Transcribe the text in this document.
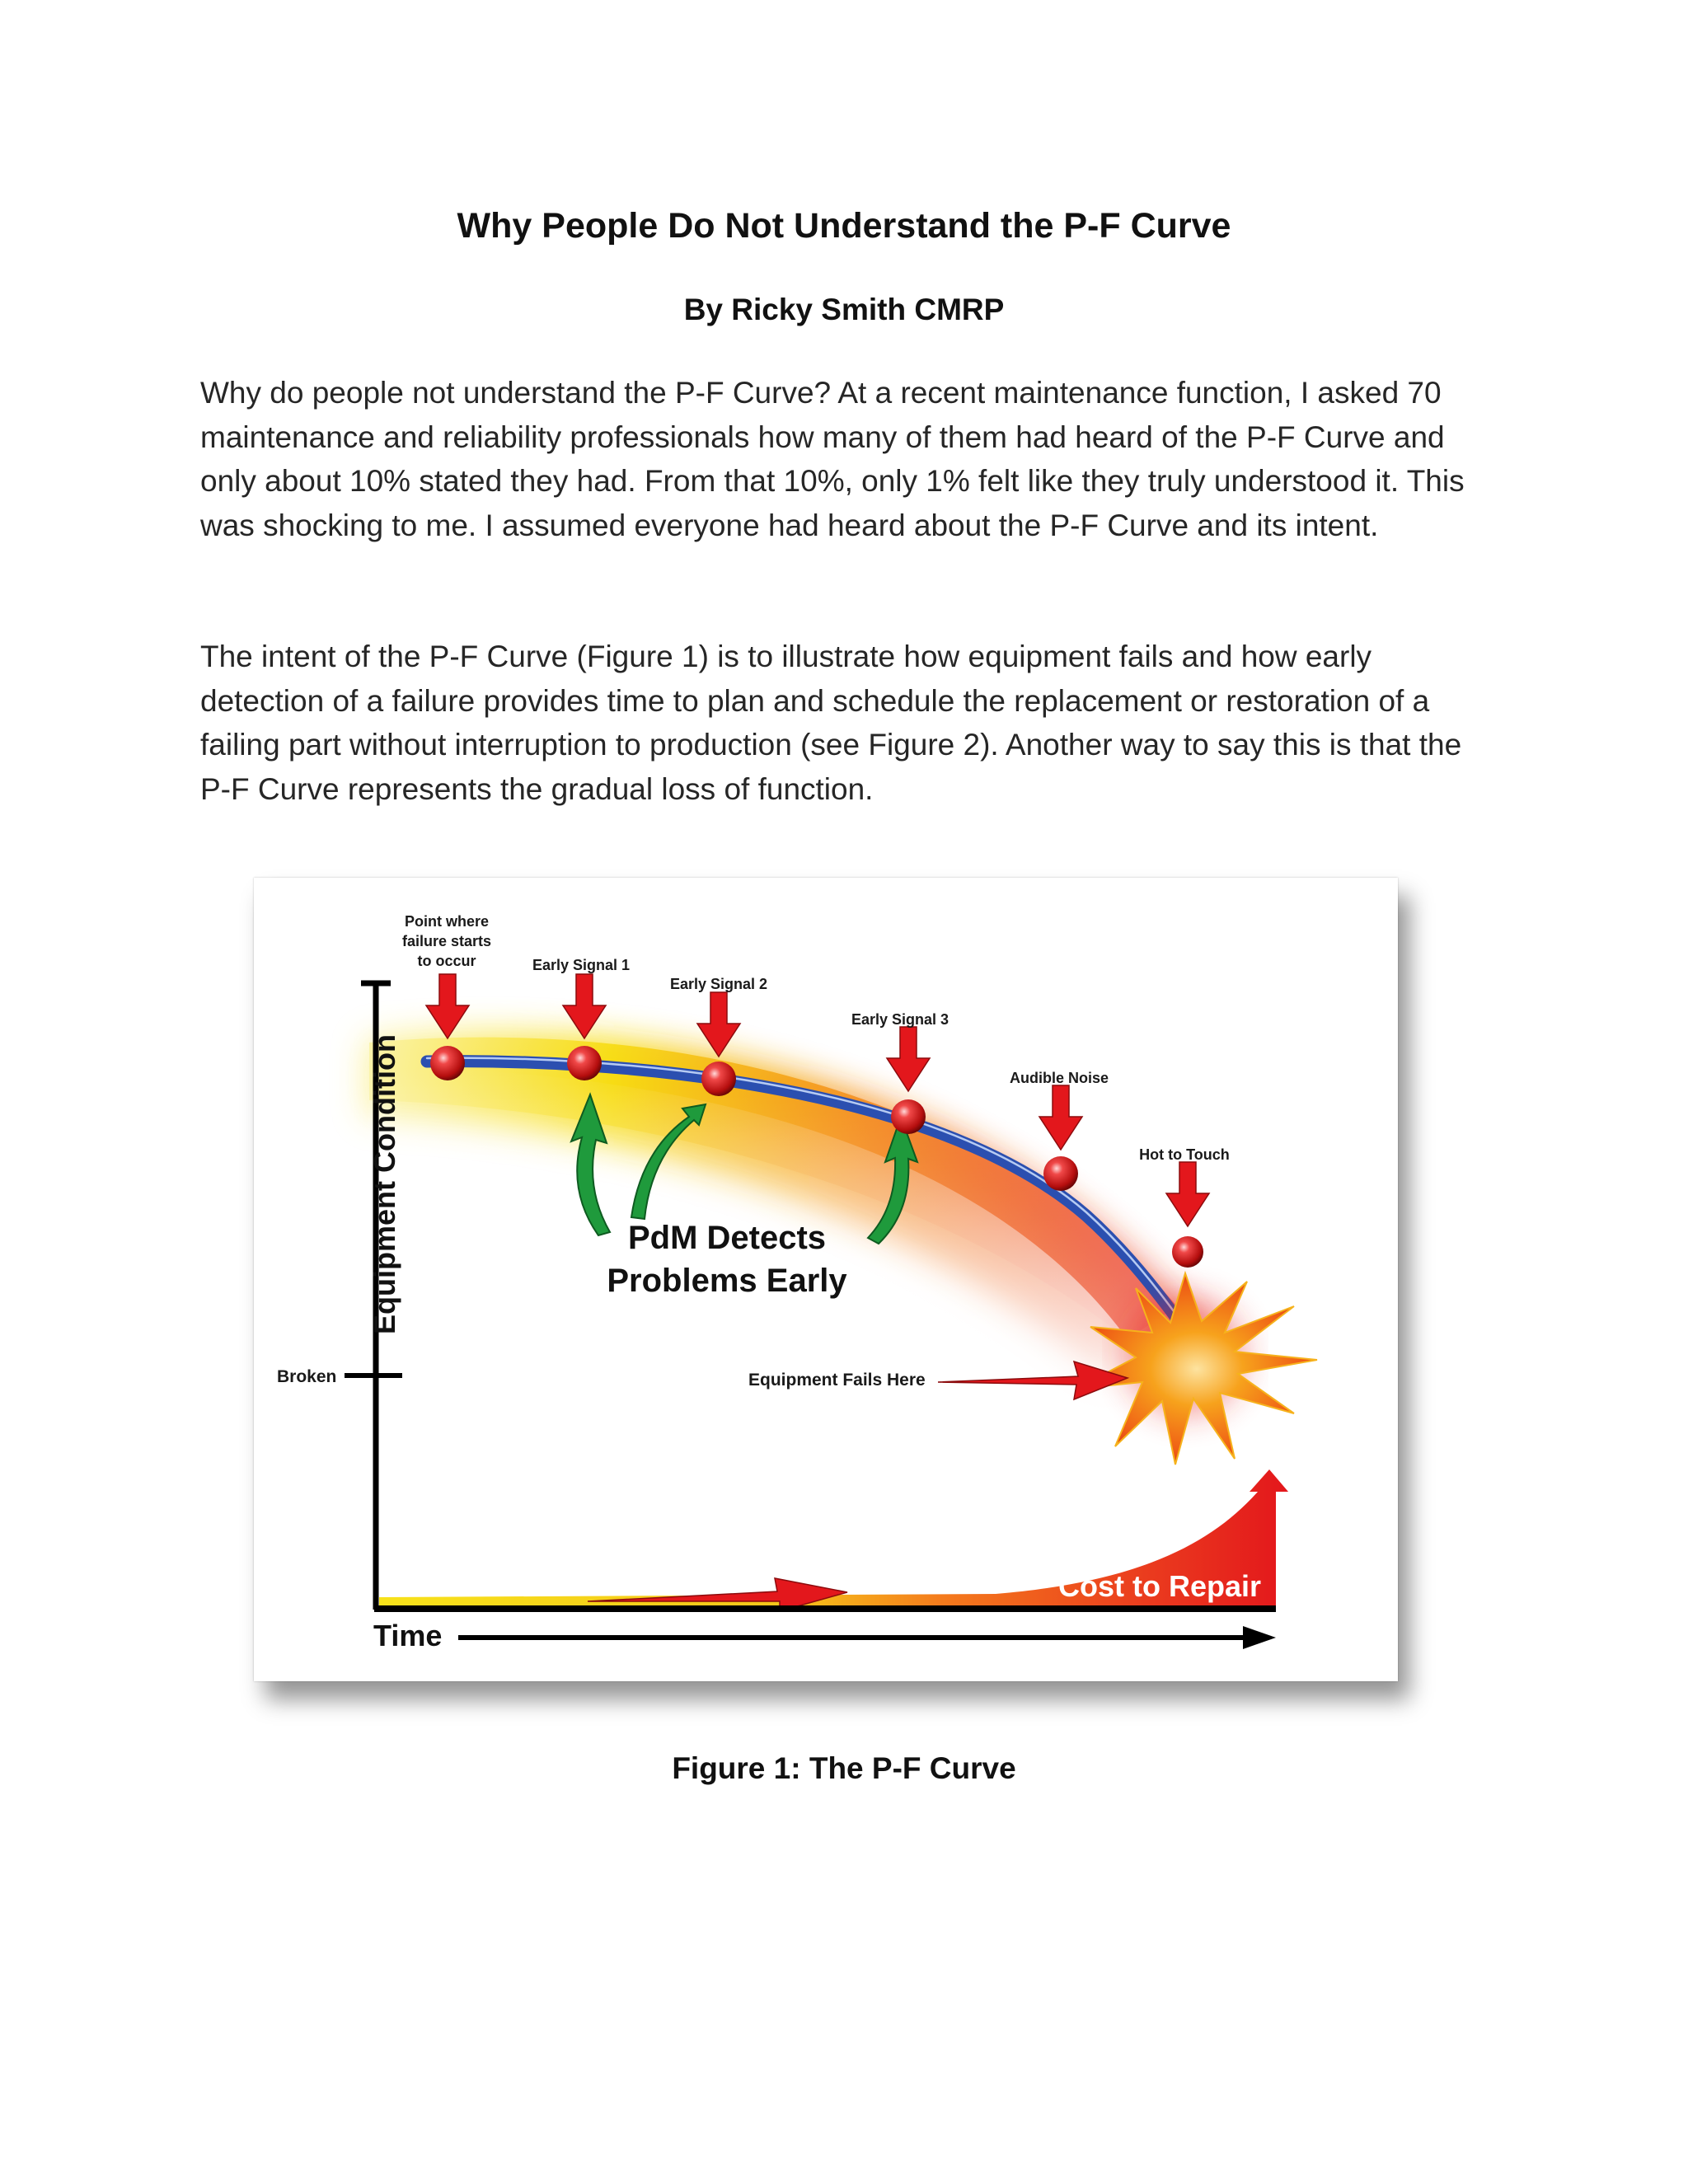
Why People Do Not Understand the P-F Curve
By Ricky Smith CMRP

Why do people not understand the P-F Curve? At a recent maintenance function, I asked 70 maintenance and reliability professionals how many of them had heard of the P-F Curve and only about 10% stated they had. From that 10%, only 1% felt like they truly understood it. This was shocking to me. I assumed everyone had heard about the P-F Curve and its intent.

The intent of the P-F Curve (Figure 1) is to illustrate how equipment fails and how early detection of a failure provides time to plan and schedule the replacement or restoration of a failing part without interruption to production (see Figure 2). Another way to say this is that the P-F Curve represents the gradual loss of function.

Point where
failure starts
to occur	Early Signal 1
Early Signal 2
Early Signal 3
Audible Noise
Hot to Touch
PdM Detects
Problems Early
Equipment Fails Here
Broken
Cost to Repair
Time
Equipment Condition
Figure 1: The P-F Curve
